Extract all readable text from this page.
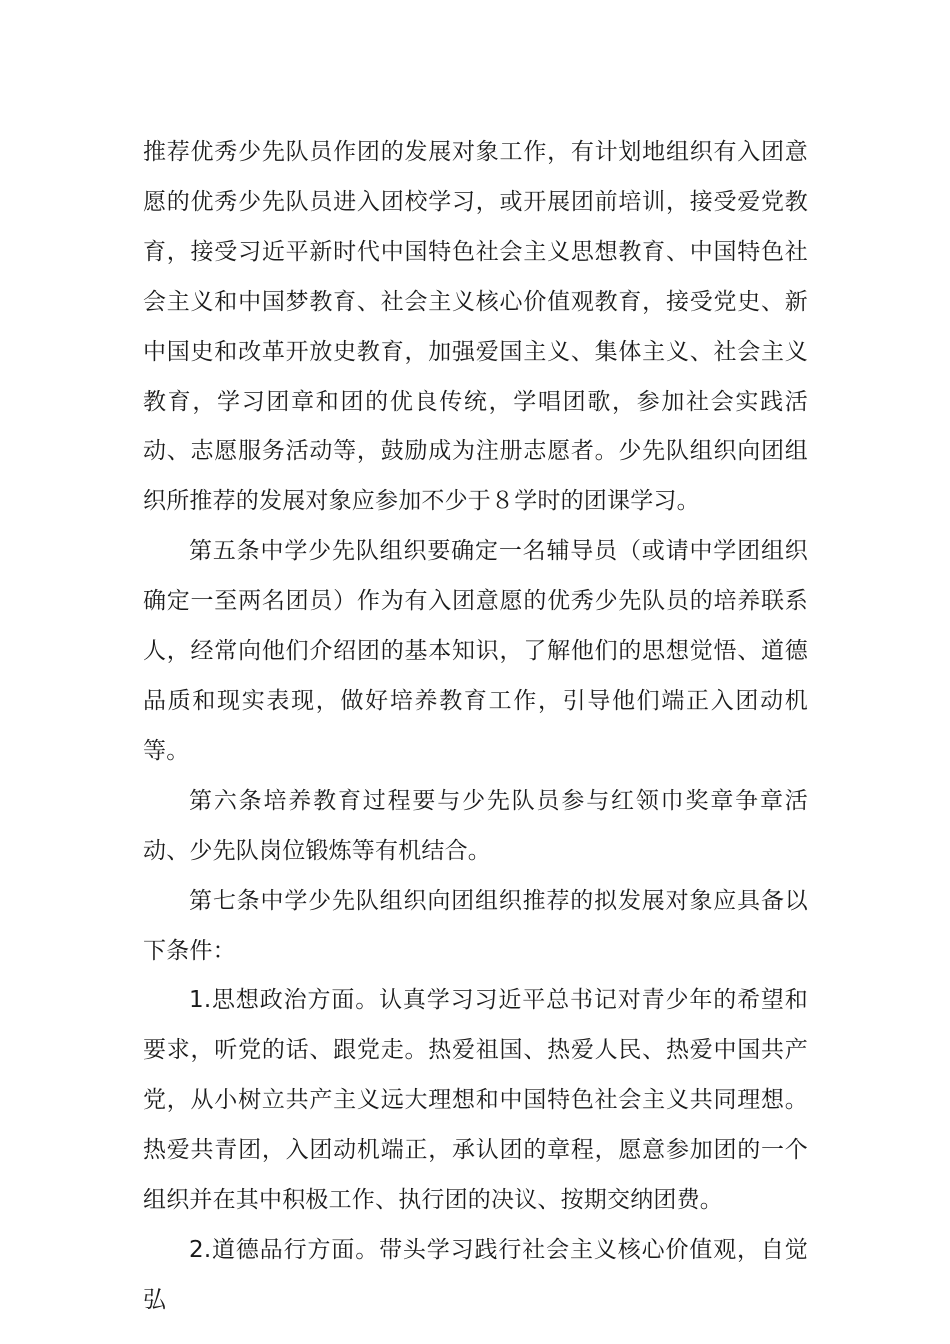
推荐优秀少先队员作团的发展对象工作，有计划地组织有入团意愿的优秀少先队员进入团校学习，或开展团前培训，接受爱党教育，接受习近平新时代中国特色社会主义思想教育、中国特色社会主义和中国梦教育、社会主义核心价值观教育，接受党史、新中国史和改革开放史教育，加强爱国主义、集体主义、社会主义教育，学习团章和团的优良传统，学唱团歌，参加社会实践活动、志愿服务活动等，鼓励成为注册志愿者。少先队组织向团组织所推荐的发展对象应参加不少于８学时的团课学习。

第五条中学少先队组织要确定一名辅导员（或请中学团组织确定一至两名团员）作为有入团意愿的优秀少先队员的培养联系人，经常向他们介绍团的基本知识，了解他们的思想觉悟、道德品质和现实表现，做好培养教育工作，引导他们端正入团动机等。

第六条培养教育过程要与少先队员参与红领巾奖章争章活动、少先队岗位锻炼等有机结合。

第七条中学少先队组织向团组织推荐的拟发展对象应具备以下条件：

1.思想政治方面。认真学习习近平总书记对青少年的希望和要求，听党的话、跟党走。热爱祖国、热爱人民、热爱中国共产党，从小树立共产主义远大理想和中国特色社会主义共同理想。热爱共青团，入团动机端正，承认团的章程，愿意参加团的一个组织并在其中积极工作、执行团的决议、按期交纳团费。

2.道德品行方面。带头学习践行社会主义核心价值观，自觉弘
